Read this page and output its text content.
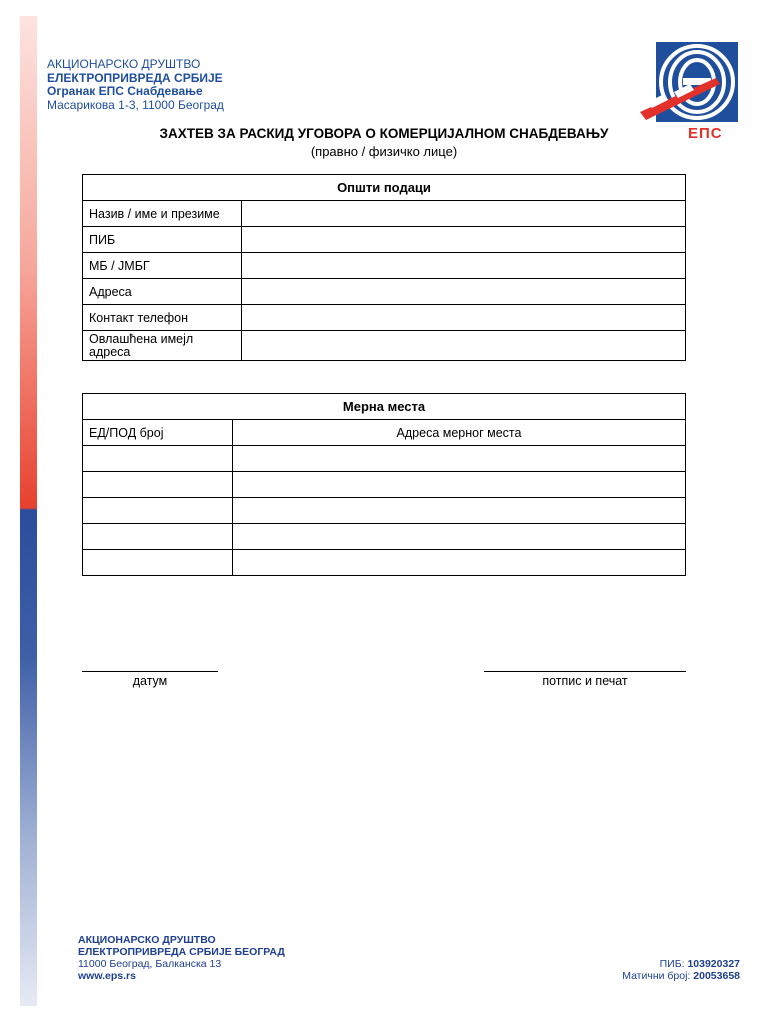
АКЦИОНАРСКО ДРУШТВО
ЕЛЕКТРОПРИВРЕДА СРБИЈЕ
Огранак ЕПС Снабдевање
Масарикова 1-3, 11000 Београд
ЕПС
ЗАХТЕВ ЗА РАСКИД УГОВОРА О КОМЕРЦИЈАЛНОМ СНАБДЕВАЊУ
(правно / физичко лице)
Општи подаци	
Назив / име и презиме	
ПИБ	
МБ / ЈМБГ	
Адреса	
Контакт телефон	
Овлашћена имејл адреса	
Мерна места	
ЕД/ПОД број	Адреса мерног места

датум	потпис и печат
АКЦИОНАРСКО ДРУШТВО
ЕЛЕКТРОПРИВРЕДА СРБИЈЕ БЕОГРАД
11000 Београд, Балканска 13
www.eps.rs
ПИБ: 103920327
Матични број: 20053658
